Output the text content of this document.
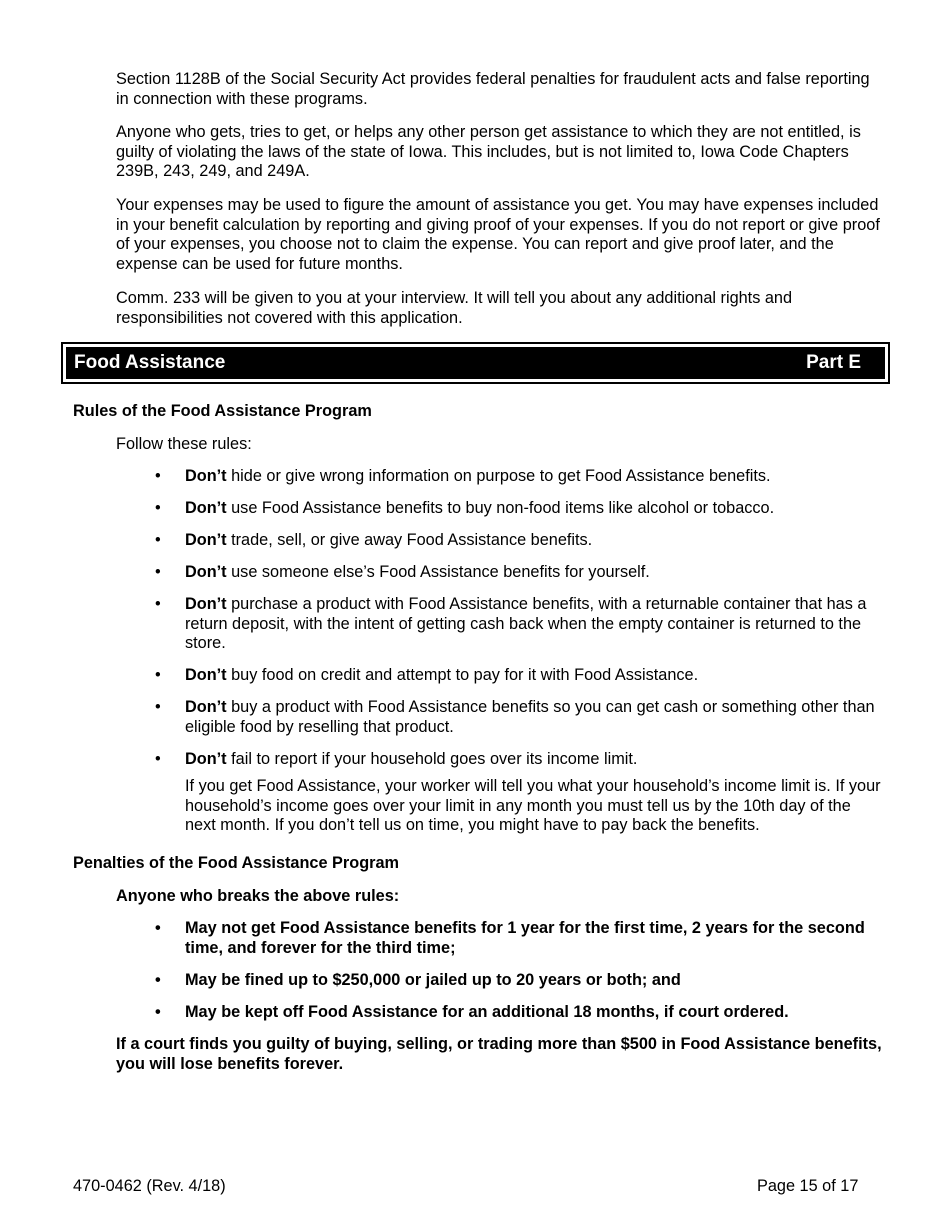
Section 1128B of the Social Security Act provides federal penalties for fraudulent acts and false reporting in connection with these programs.

Anyone who gets, tries to get, or helps any other person get assistance to which they are not entitled, is guilty of violating the laws of the state of Iowa. This includes, but is not limited to, Iowa Code Chapters 239B, 243, 249, and 249A.

Your expenses may be used to figure the amount of assistance you get. You may have expenses included in your benefit calculation by reporting and giving proof of your expenses. If you do not report or give proof of your expenses, you choose not to claim the expense. You can report and give proof later, and the expense can be used for future months.

Comm. 233 will be given to you at your interview. It will tell you about any additional rights and responsibilities not covered with this application.

Food Assistance	Part E

Rules of the Food Assistance Program

Follow these rules:

• Don’t hide or give wrong information on purpose to get Food Assistance benefits.
• Don’t use Food Assistance benefits to buy non-food items like alcohol or tobacco.
• Don’t trade, sell, or give away Food Assistance benefits.
• Don’t use someone else’s Food Assistance benefits for yourself.
• Don’t purchase a product with Food Assistance benefits, with a returnable container that has a return deposit, with the intent of getting cash back when the empty container is returned to the store.
• Don’t buy food on credit and attempt to pay for it with Food Assistance.
• Don’t buy a product with Food Assistance benefits so you can get cash or something other than eligible food by reselling that product.
• Don’t fail to report if your household goes over its income limit.

If you get Food Assistance, your worker will tell you what your household’s income limit is. If your household’s income goes over your limit in any month you must tell us by the 10th day of the next month. If you don’t tell us on time, you might have to pay back the benefits.

Penalties of the Food Assistance Program

Anyone who breaks the above rules:

• May not get Food Assistance benefits for 1 year for the first time, 2 years for the second time, and forever for the third time;
• May be fined up to $250,000 or jailed up to 20 years or both; and
• May be kept off Food Assistance for an additional 18 months, if court ordered.

If a court finds you guilty of buying, selling, or trading more than $500 in Food Assistance benefits, you will lose benefits forever.

470-0462 (Rev. 4/18)	Page 15 of 17
